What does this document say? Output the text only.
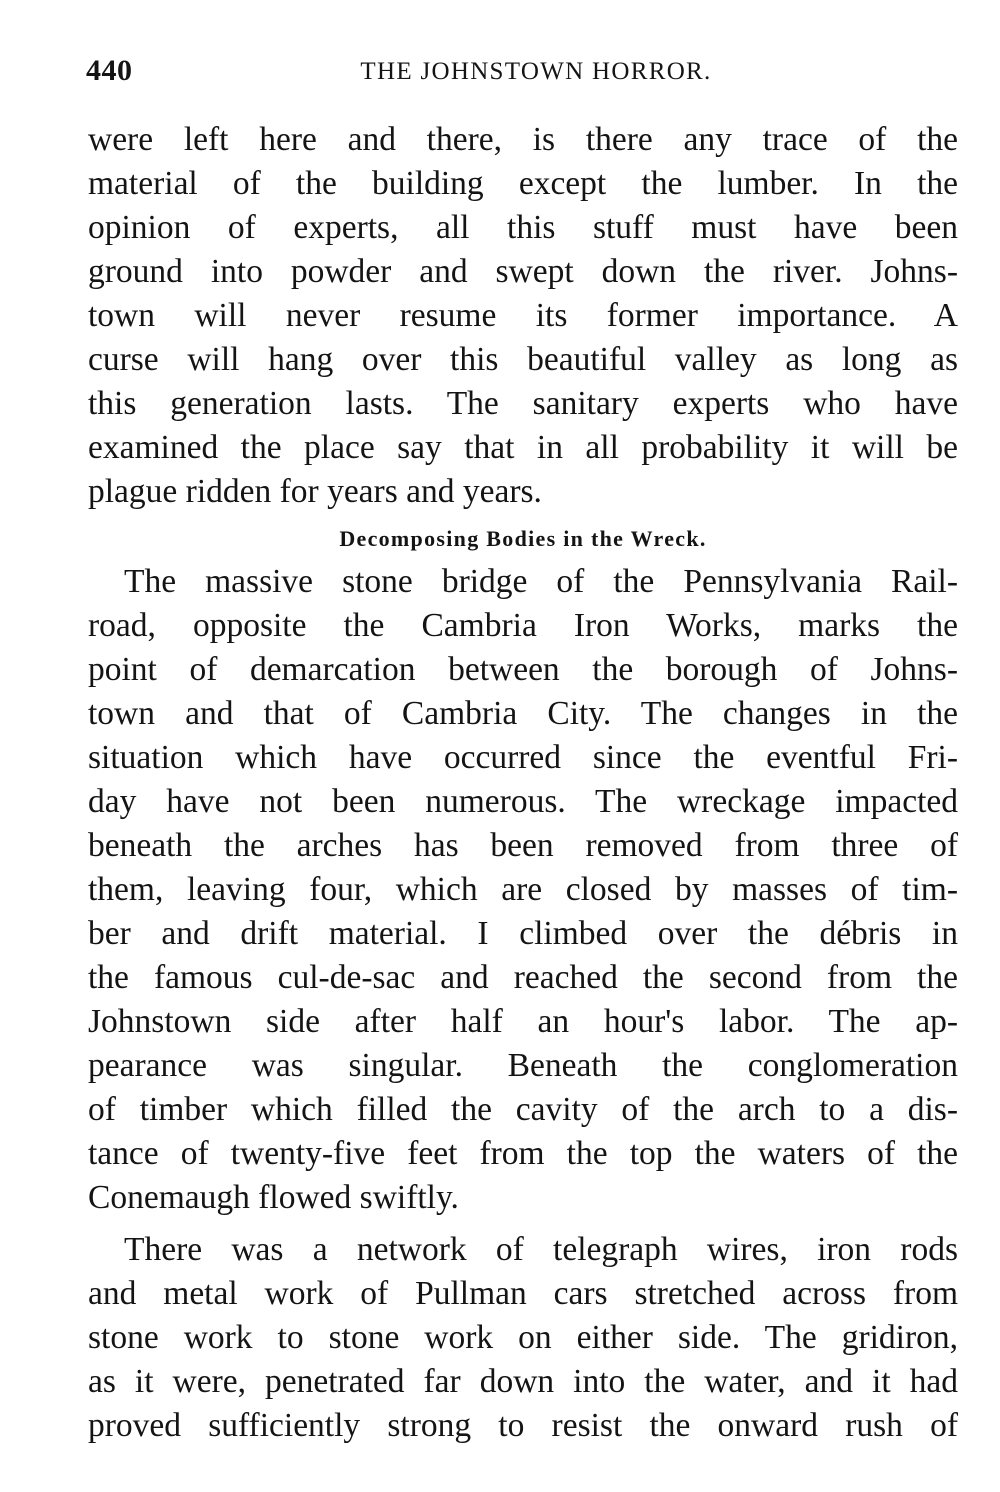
440	THE JOHNSTOWN HORROR.
were left here and there, is there any trace of the
material of the building except the lumber. In the
opinion of experts, all this stuff must have been
ground into powder and swept down the river. Johns-
town will never resume its former importance. A
curse will hang over this beautiful valley as long as
this generation lasts. The sanitary experts who have
examined the place say that in all probability it will be
plague ridden for years and years.
Decomposing Bodies in the Wreck.
The massive stone bridge of the Pennsylvania Rail-
road, opposite the Cambria Iron Works, marks the
point of demarcation between the borough of Johns-
town and that of Cambria City. The changes in the
situation which have occurred since the eventful Fri-
day have not been numerous. The wreckage impacted
beneath the arches has been removed from three of
them, leaving four, which are closed by masses of tim-
ber and drift material. I climbed over the débris in
the famous cul-de-sac and reached the second from the
Johnstown side after half an hour's labor. The ap-
pearance was singular. Beneath the conglomeration
of timber which filled the cavity of the arch to a dis-
tance of twenty-five feet from the top the waters of the
Conemaugh flowed swiftly.
There was a network of telegraph wires, iron rods
and metal work of Pullman cars stretched across from
stone work to stone work on either side. The gridiron,
as it were, penetrated far down into the water, and it had
proved sufficiently strong to resist the onward rush of
